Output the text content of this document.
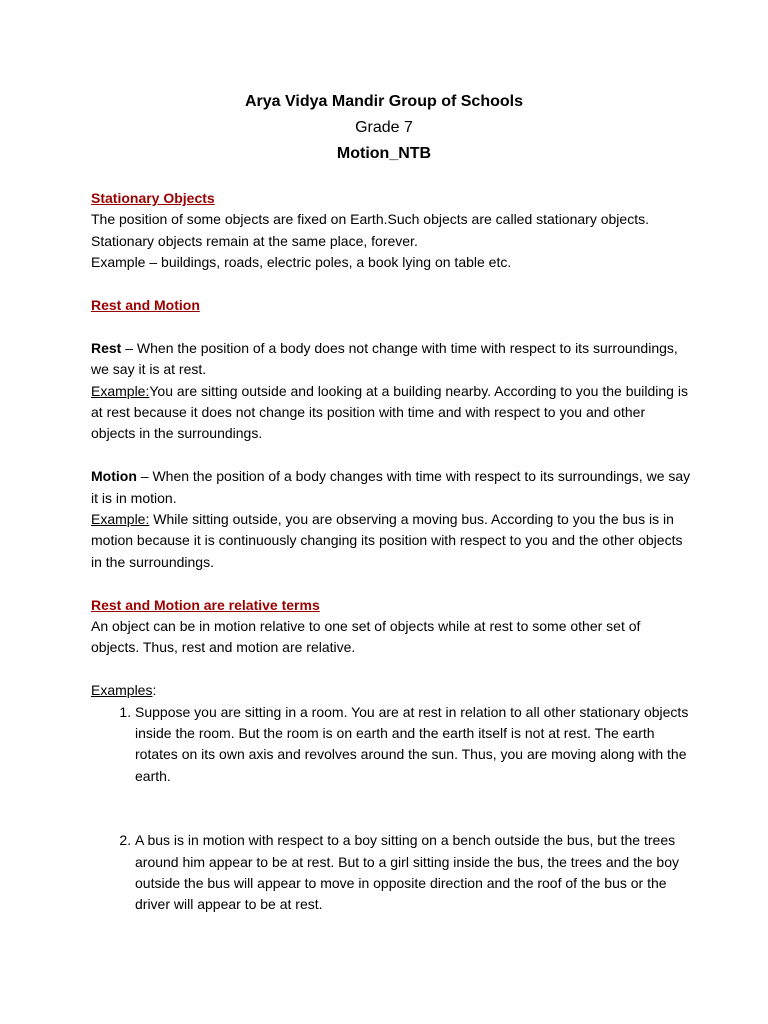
Arya Vidya Mandir Group of Schools
Grade 7
Motion_NTB

Stationary Objects

The position of some objects are fixed on Earth.Such objects are called stationary objects. Stationary objects remain at the same place, forever.

Example – buildings, roads, electric poles, a book lying on table etc.

Rest and Motion

Rest – When the position of a body does not change with time with respect to its surroundings, we say it is at rest.

Example:You are sitting outside and looking at a building nearby. According to you the building is at rest because it does not change its position with time and with respect to you and other objects in the surroundings.

Motion – When the position of a body changes with time with respect to its surroundings, we say it is in motion.

Example: While sitting outside, you are observing a moving bus. According to you the bus is in motion because it is continuously changing its position with respect to you and the other objects in the surroundings.

Rest and Motion are relative terms

An object can be in motion relative to one set of objects while at rest to some other set of objects. Thus, rest and motion are relative.

Examples:

1. Suppose you are sitting in a room. You are at rest in relation to all other stationary objects inside the room. But the room is on earth and the earth itself is not at rest. The earth rotates on its own axis and revolves around the sun. Thus, you are moving along with the earth.
2. A bus is in motion with respect to a boy sitting on a bench outside the bus, but the trees around him appear to be at rest. But to a girl sitting inside the bus, the trees and the boy outside the bus will appear to move in opposite direction and the roof of the bus or the driver will appear to be at rest.
